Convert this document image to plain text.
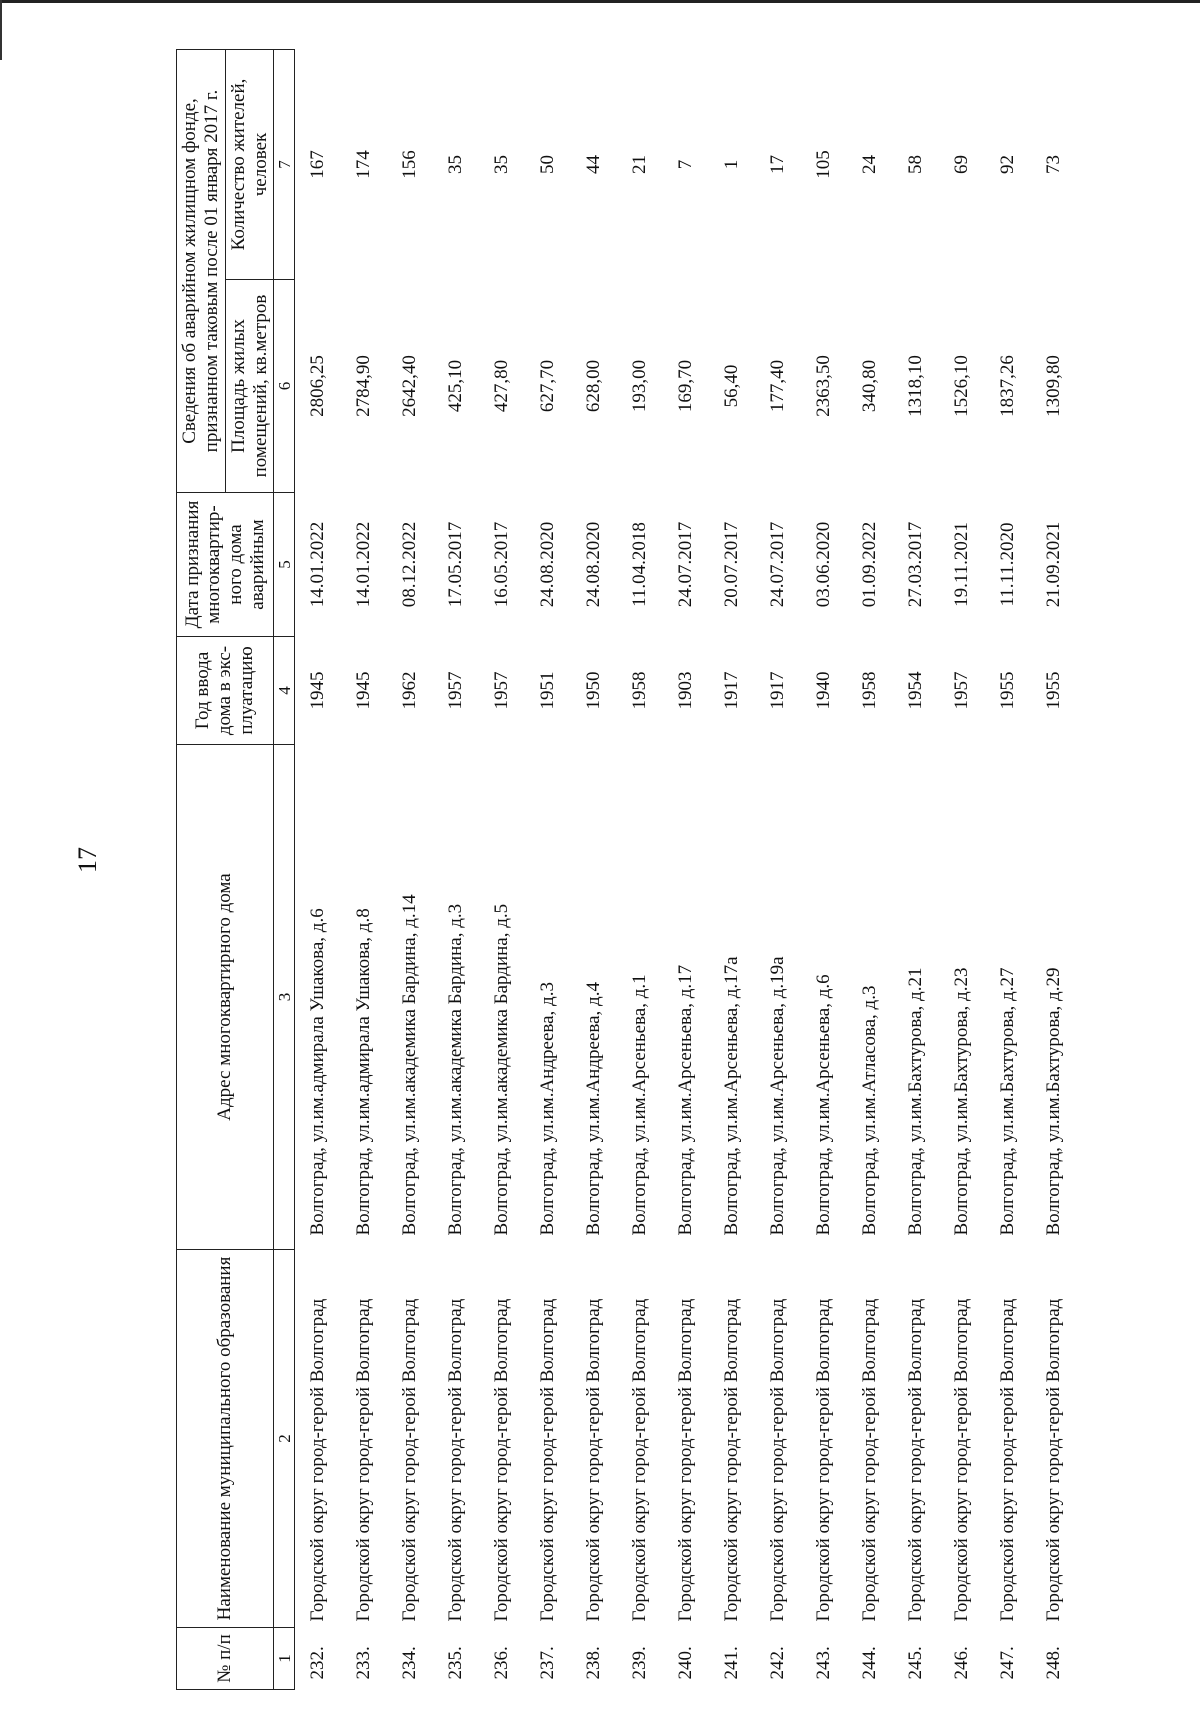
17
№ п/п	Наименование муниципального образования	Адрес многоквартирного дома	Год ввода дома в экс-плуатацию	Дата признания многоквартир-ного дома аварийным	Сведения об аварийном жилищном фонде, признанном таковым после 01 января 2017 г.	
					Площадь жилых помещений, кв.метров	Количество жителей, человек
1	2	3	4	5	6	7
232.	Городской округ город-герой Волгоград	Волгоград, ул.им.адмирала Ушакова, д.6	1945	14.01.2022	2806,25	167
233.	Городской округ город-герой Волгоград	Волгоград, ул.им.адмирала Ушакова, д.8	1945	14.01.2022	2784,90	174
234.	Городской округ город-герой Волгоград	Волгоград, ул.им.академика Бардина, д.14	1962	08.12.2022	2642,40	156
235.	Городской округ город-герой Волгоград	Волгоград, ул.им.академика Бардина, д.3	1957	17.05.2017	425,10	35
236.	Городской округ город-герой Волгоград	Волгоград, ул.им.академика Бардина, д.5	1957	16.05.2017	427,80	35
237.	Городской округ город-герой Волгоград	Волгоград, ул.им.Андреева, д.3	1951	24.08.2020	627,70	50
238.	Городской округ город-герой Волгоград	Волгоград, ул.им.Андреева, д.4	1950	24.08.2020	628,00	44
239.	Городской округ город-герой Волгоград	Волгоград, ул.им.Арсеньева, д.1	1958	11.04.2018	193,00	21
240.	Городской округ город-герой Волгоград	Волгоград, ул.им.Арсеньева, д.17	1903	24.07.2017	169,70	7
241.	Городской округ город-герой Волгоград	Волгоград, ул.им.Арсеньева, д.17а	1917	20.07.2017	56,40	1
242.	Городской округ город-герой Волгоград	Волгоград, ул.им.Арсеньева, д.19а	1917	24.07.2017	177,40	17
243.	Городской округ город-герой Волгоград	Волгоград, ул.им.Арсеньева, д.6	1940	03.06.2020	2363,50	105
244.	Городской округ город-герой Волгоград	Волгоград, ул.им.Атласова, д.3	1958	01.09.2022	340,80	24
245.	Городской округ город-герой Волгоград	Волгоград, ул.им.Бахтурова, д.21	1954	27.03.2017	1318,10	58
246.	Городской округ город-герой Волгоград	Волгоград, ул.им.Бахтурова, д.23	1957	19.11.2021	1526,10	69
247.	Городской округ город-герой Волгоград	Волгоград, ул.им.Бахтурова, д.27	1955	11.11.2020	1837,26	92
248.	Городской округ город-герой Волгоград	Волгоград, ул.им.Бахтурова, д.29	1955	21.09.2021	1309,80	73
